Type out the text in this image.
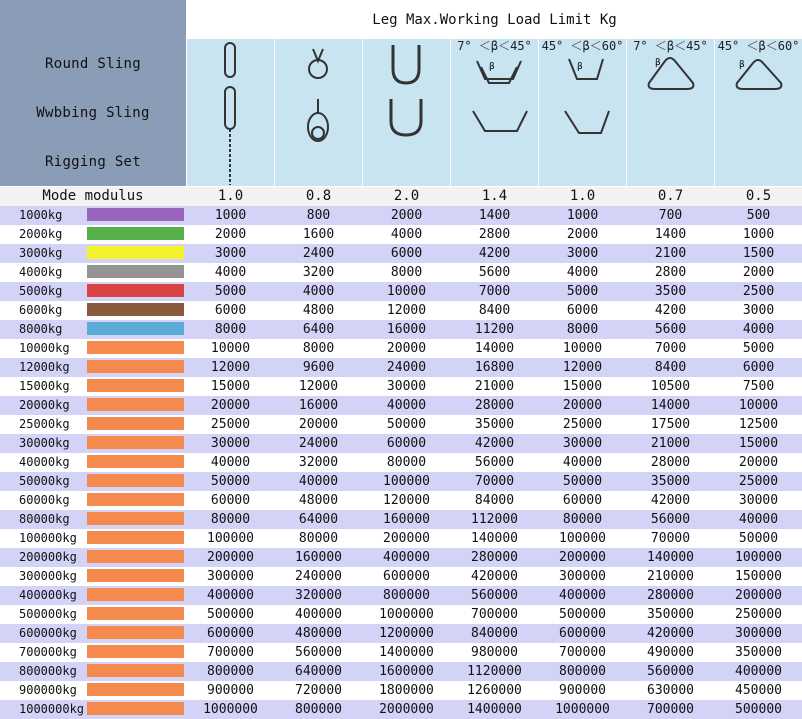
Round Sling
Wwbbing Sling
Rigging Set
Leg Max.Working Load Limit Kg
β
7° ＜β＜45°
β
45° ＜β＜60°
β
7° ＜β＜45°
β
45° ＜β＜60°
Mode modulus	1.0	0.8	2.0	1.4	1.0	0.7	0.5
1000kg	1000	800	2000	1400	1000	700	500
2000kg	2000	1600	4000	2800	2000	1400	1000
3000kg	3000	2400	6000	4200	3000	2100	1500
4000kg	4000	3200	8000	5600	4000	2800	2000
5000kg	5000	4000	10000	7000	5000	3500	2500
6000kg	6000	4800	12000	8400	6000	4200	3000
8000kg	8000	6400	16000	11200	8000	5600	4000
10000kg	10000	8000	20000	14000	10000	7000	5000
12000kg	12000	9600	24000	16800	12000	8400	6000
15000kg	15000	12000	30000	21000	15000	10500	7500
20000kg	20000	16000	40000	28000	20000	14000	10000
25000kg	25000	20000	50000	35000	25000	17500	12500
30000kg	30000	24000	60000	42000	30000	21000	15000
40000kg	40000	32000	80000	56000	40000	28000	20000
50000kg	50000	40000	100000	70000	50000	35000	25000
60000kg	60000	48000	120000	84000	60000	42000	30000
80000kg	80000	64000	160000	112000	80000	56000	40000
100000kg	100000	80000	200000	140000	100000	70000	50000
200000kg	200000	160000	400000	280000	200000	140000	100000
300000kg	300000	240000	600000	420000	300000	210000	150000
400000kg	400000	320000	800000	560000	400000	280000	200000
500000kg	500000	400000	1000000	700000	500000	350000	250000
600000kg	600000	480000	1200000	840000	600000	420000	300000
700000kg	700000	560000	1400000	980000	700000	490000	350000
800000kg	800000	640000	1600000	1120000	800000	560000	400000
900000kg	900000	720000	1800000	1260000	900000	630000	450000
1000000kg	1000000	800000	2000000	1400000	1000000	700000	500000
